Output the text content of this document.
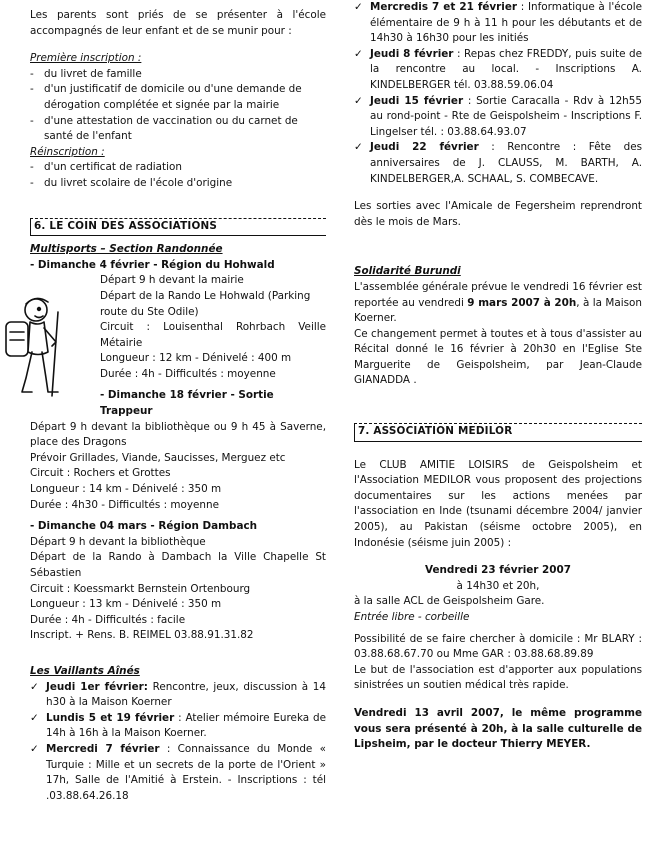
Les parents sont priés de se présenter à l'école accompagnés de leur enfant et de se munir pour :

Première inscription :

- du livret de famille
- d'un justificatif de domicile ou d'une demande de dérogation complétée et signée par la mairie
- d'une attestation de vaccination ou du carnet de santé de l'enfant

Réinscription :

- d'un certificat de radiation
- du livret scolaire de l'école d'origine
6. LE COIN DES ASSOCIATIONS

Multisports – Section Randonnée

- Dimanche 4 février - Région du Hohwald

Départ 9 h devant la mairie

Départ de la Rando Le Hohwald (Parking route du Ste Odile)

Circuit : Louisenthal Rohrbach Veille Métairie

Longueur : 12 km - Dénivelé : 400 m

Durée : 4h - Difficultés : moyenne

- Dimanche 18 février - Sortie Trappeur

Départ 9 h devant la bibliothèque ou 9 h 45 à Saverne, place des Dragons

Prévoir Grillades, Viande, Saucisses, Merguez etc

Circuit : Rochers et Grottes

Longueur : 14 km - Dénivelé : 350 m

Durée : 4h30 - Difficultés : moyenne

- Dimanche 04 mars - Région Dambach

Départ 9 h devant la bibliothèque

Départ de la Rando à Dambach la Ville Chapelle St Sébastien

Circuit : Koessmarkt Bernstein Ortenbourg

Longueur : 13 km - Dénivelé : 350 m

Durée : 4h - Difficultés : facile

Inscript. + Rens. B. REIMEL 03.88.91.31.82

Les Vaillants Aînés

✓ Jeudi 1er février: Rencontre, jeux, discussion à 14 h30 à la Maison Koerner
✓ Lundis 5 et 19 février : Atelier mémoire Eureka de 14h à 16h à la Maison Koerner.
✓ Mercredi 7 février : Connaissance du Monde « Turquie : Mille et un secrets de la porte de l'Orient » 17h, Salle de l'Amitié à Erstein. - Inscriptions : tél .03.88.64.26.18
✓ Mercredis 7 et 21 février : Informatique à l'école élémentaire de 9 h à 11 h pour les débutants et de 14h30 à 16h30 pour les initiés
✓ Jeudi 8 février : Repas chez FREDDY, puis suite de la rencontre au local. - Inscriptions A. KINDELBERGER tél. 03.88.59.06.04
✓ Jeudi 15 février : Sortie Caracalla - Rdv à 12h55 au rond-point - Rte de Geispolsheim - Inscriptions F. Lingelser tél. : 03.88.64.93.07
✓ Jeudi 22 février : Rencontre : Fête des anniversaires de J. CLAUSS, M. BARTH, A. KINDELBERGER,A. SCHAAL, S. COMBECAVE.

Les sorties avec l'Amicale de Fegersheim reprendront dès le mois de Mars.

Solidarité Burundi

L'assemblée générale prévue le vendredi 16 février est reportée au vendredi 9 mars 2007 à 20h, à la Maison Koerner.

Ce changement permet à toutes et à tous d'assister au Récital donné le 16 février à 20h30 en l'Eglise Ste Marguerite de Geispolsheim, par Jean-Claude GIANADDA .

7. ASSOCIATION MEDILOR

Le CLUB AMITIE LOISIRS de Geispolsheim et l'Association MEDILOR vous proposent des projections documentaires sur les actions menées par l'association en Inde (tsunami décembre 2004/ janvier 2005), au Pakistan (séisme octobre 2005), en Indonésie (séisme juin 2005) :

Vendredi 23 février 2007

à 14h30 et 20h,

à la salle ACL de Geispolsheim Gare.

Entrée libre - corbeille

Possibilité de se faire chercher à domicile : Mr BLARY : 03.88.68.67.70 ou Mme GAR : 03.88.68.89.89

Le but de l'association est d'apporter aux populations sinistrées un soutien médical très rapide.

Vendredi 13 avril 2007, le même programme vous sera présenté à 20h, à la salle culturelle de Lipsheim, par le docteur Thierry MEYER.
